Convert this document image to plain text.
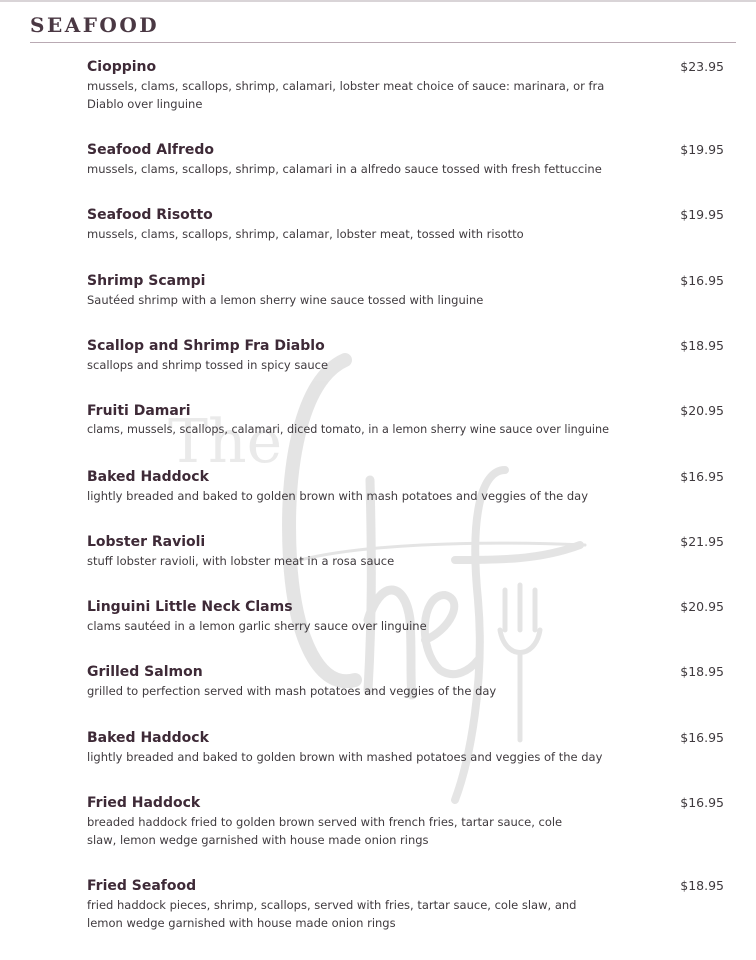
The
SEAFOOD
Cioppino
mussels, clams, scallops, shrimp, calamari, lobster meat choice of sauce: marinara, or fra Diablo over linguine
$23.95
Seafood Alfredo
mussels, clams, scallops, shrimp, calamari in a alfredo sauce tossed with fresh fettuccine
$19.95
Seafood Risotto
mussels, clams, scallops, shrimp, calamar, lobster meat, tossed with risotto
$19.95
Shrimp Scampi
Sautéed shrimp with a lemon sherry wine sauce tossed with linguine
$16.95
Scallop and Shrimp Fra Diablo
scallops and shrimp tossed in spicy sauce
$18.95
Fruiti Damari
clams, mussels, scallops, calamari, diced tomato, in a lemon sherry wine sauce over linguine
$20.95
Baked Haddock
lightly breaded and baked to golden brown with mash potatoes and veggies of the day
$16.95
Lobster Ravioli
stuff lobster ravioli, with lobster meat in a rosa sauce
$21.95
Linguini Little Neck Clams
clams sautéed in a lemon garlic sherry sauce over linguine
$20.95
Grilled Salmon
grilled to perfection served with mash potatoes and veggies of the day
$18.95
Baked Haddock
lightly breaded and baked to golden brown with mashed potatoes and veggies of the day
$16.95
Fried Haddock
breaded haddock fried to golden brown served with french fries, tartar sauce, cole slaw, lemon wedge garnished with house made onion rings
$16.95
Fried Seafood
fried haddock pieces, shrimp, scallops, served with fries, tartar sauce, cole slaw, and lemon wedge garnished with house made onion rings
$18.95
